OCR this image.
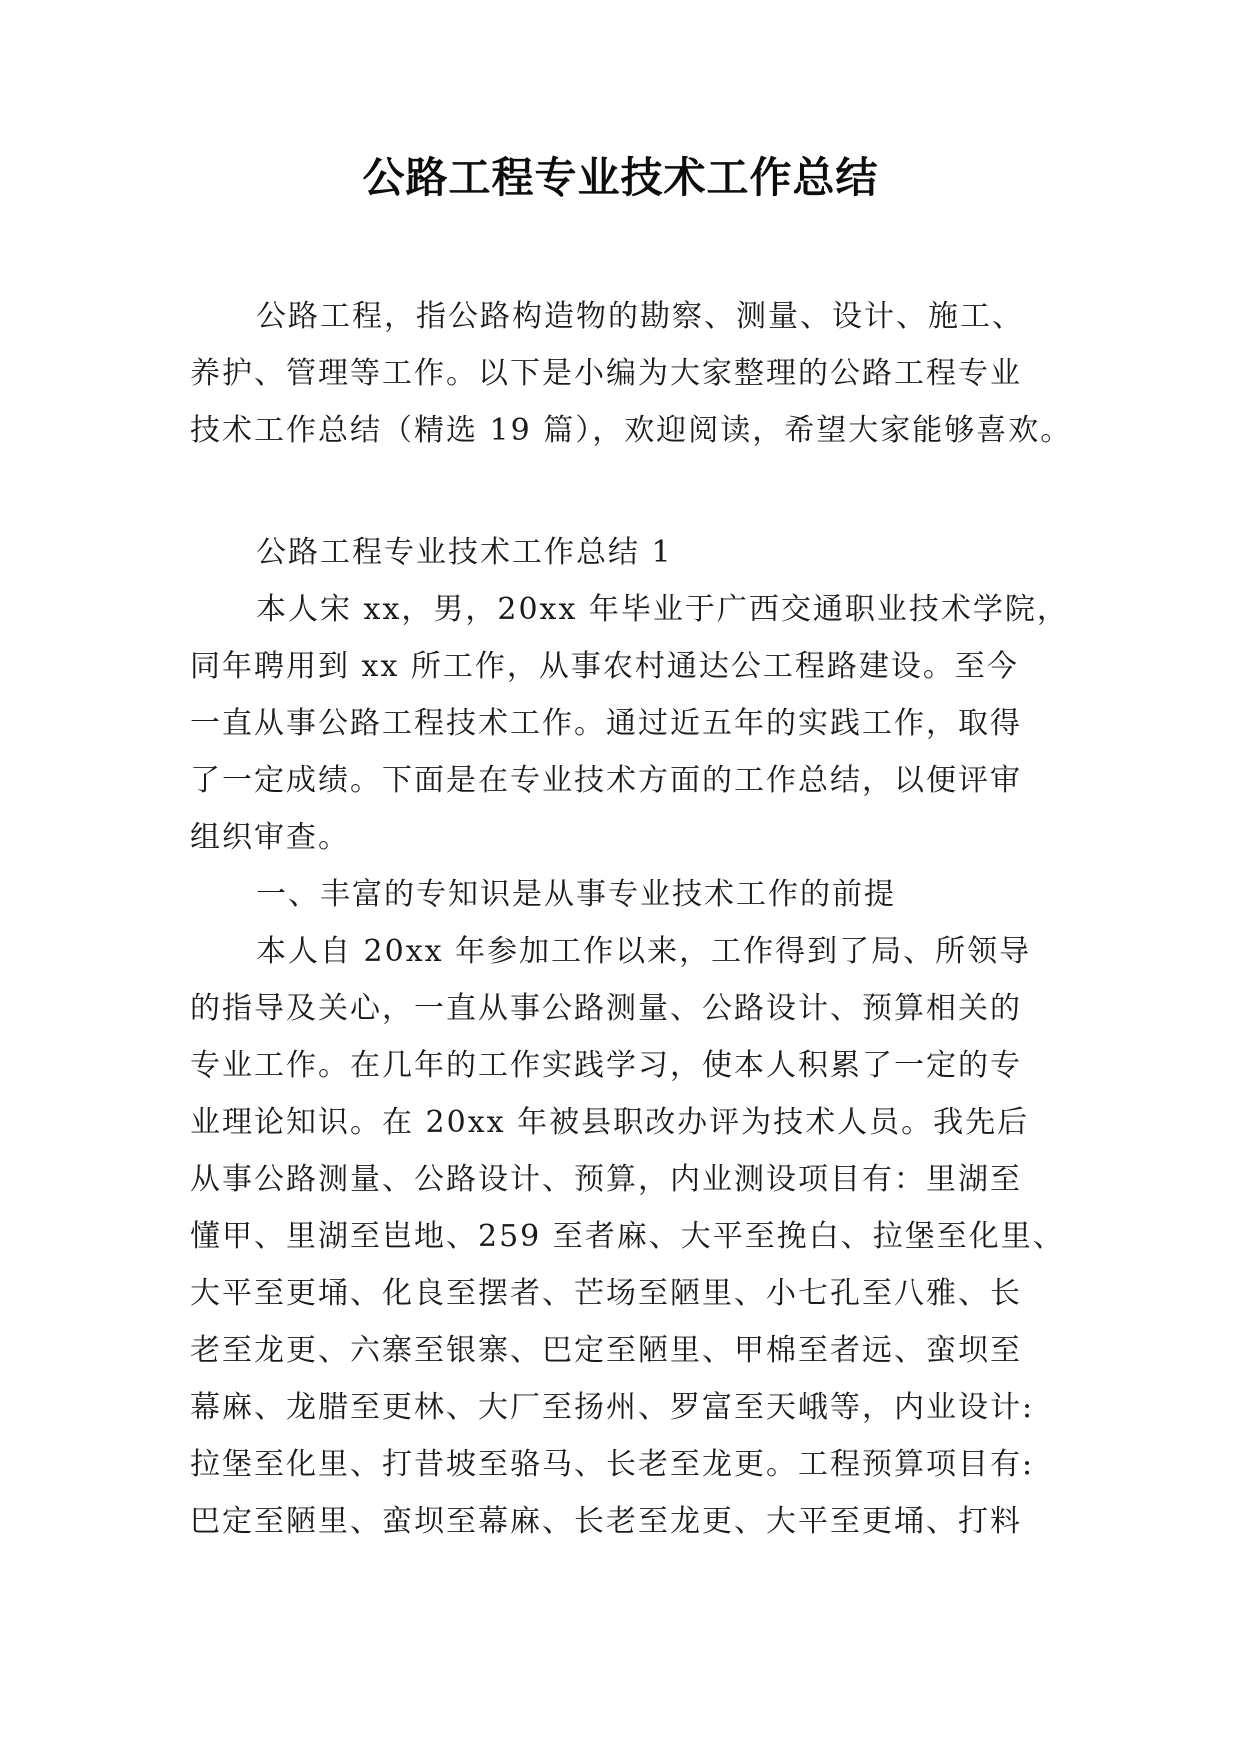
公路工程专业技术工作总结
公路工程，指公路构造物的勘察、测量、设计、施工、
养护、管理等工作。以下是小编为大家整理的公路工程专业
技术工作总结（精选 19 篇），欢迎阅读，希望大家能够喜欢。
公路工程专业技术工作总结 1
本人宋 xx，男，20xx 年毕业于广西交通职业技术学院，
同年聘用到 xx 所工作，从事农村通达公工程路建设。至今
一直从事公路工程技术工作。通过近五年的实践工作，取得
了一定成绩。下面是在专业技术方面的工作总结，以便评审
组织审查。
一、丰富的专知识是从事专业技术工作的前提
本人自 20xx 年参加工作以来，工作得到了局、所领导
的指导及关心，一直从事公路测量、公路设计、预算相关的
专业工作。在几年的工作实践学习，使本人积累了一定的专
业理论知识。在 20xx 年被县职改办评为技术人员。我先后
从事公路测量、公路设计、预算，内业测设项目有：里湖至
懂甲、里湖至岜地、259 至者麻、大平至挽白、拉堡至化里、
大平至更埇、化良至摆者、芒场至陋里、小七孔至八雅、长
老至龙更、六寨至银寨、巴定至陋里、甲棉至者远、蛮坝至
幕麻、龙腊至更林、大厂至扬州、罗富至天峨等，内业设计:
拉堡至化里、打昔坡至骆马、长老至龙更。工程预算项目有:
巴定至陋里、蛮坝至幕麻、长老至龙更、大平至更埇、打料
